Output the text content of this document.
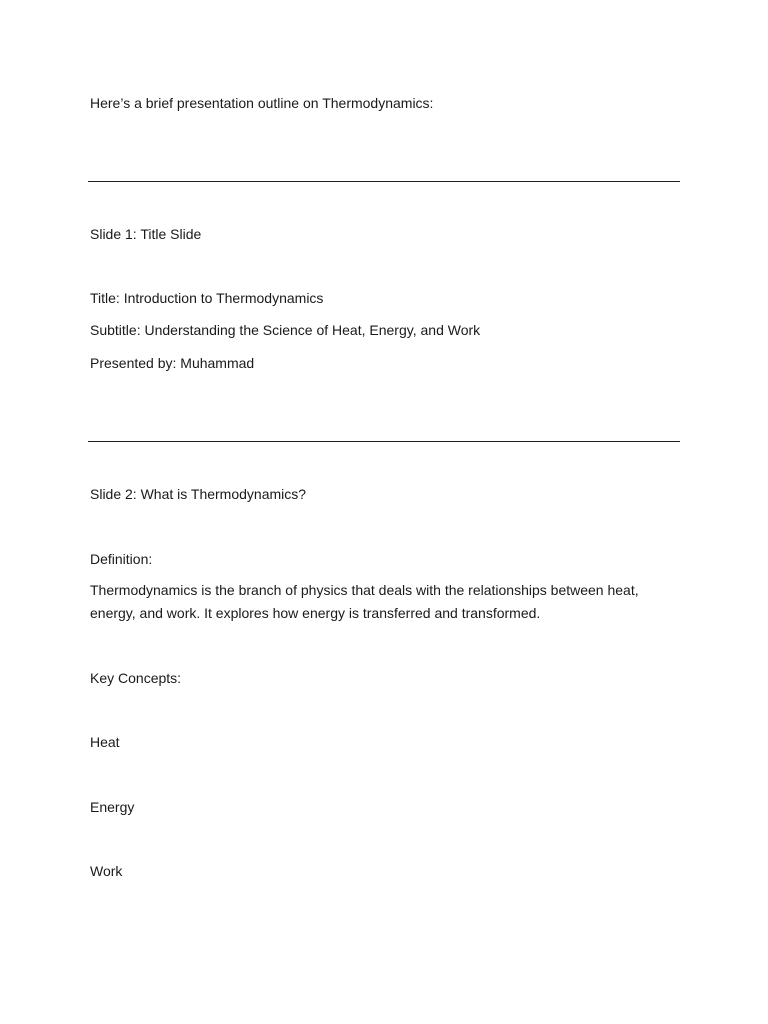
Here’s a brief presentation outline on Thermodynamics:
Slide 1: Title Slide
Title: Introduction to Thermodynamics
Subtitle: Understanding the Science of Heat, Energy, and Work
Presented by: Muhammad
Slide 2: What is Thermodynamics?
Definition:
Thermodynamics is the branch of physics that deals with the relationships between heat, energy, and work. It explores how energy is transferred and transformed.
Key Concepts:
Heat
Energy
Work
